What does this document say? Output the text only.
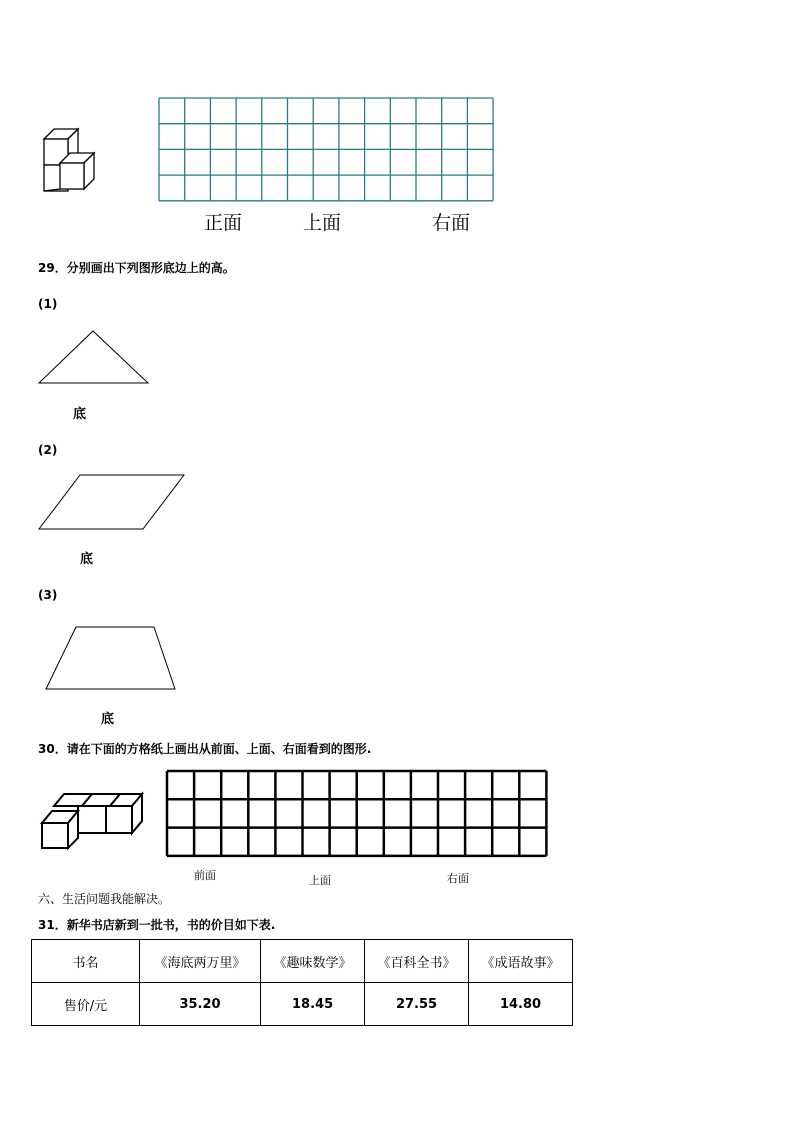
正面	上面	右面
29．分别画出下列图形底边上的高。
(1)
底
(2)
底
(3)
底
30．请在下面的方格纸上画出从前面、上面、右面看到的图形.
前面	上面	右面
六、生活问题我能解决。
31．新华书店新到一批书，书的价目如下表.
书名	《海底两万里》	《趣味数学》	《百科全书》	《成语故事》
售价/元	35.20	18.45	27.55	14.80
